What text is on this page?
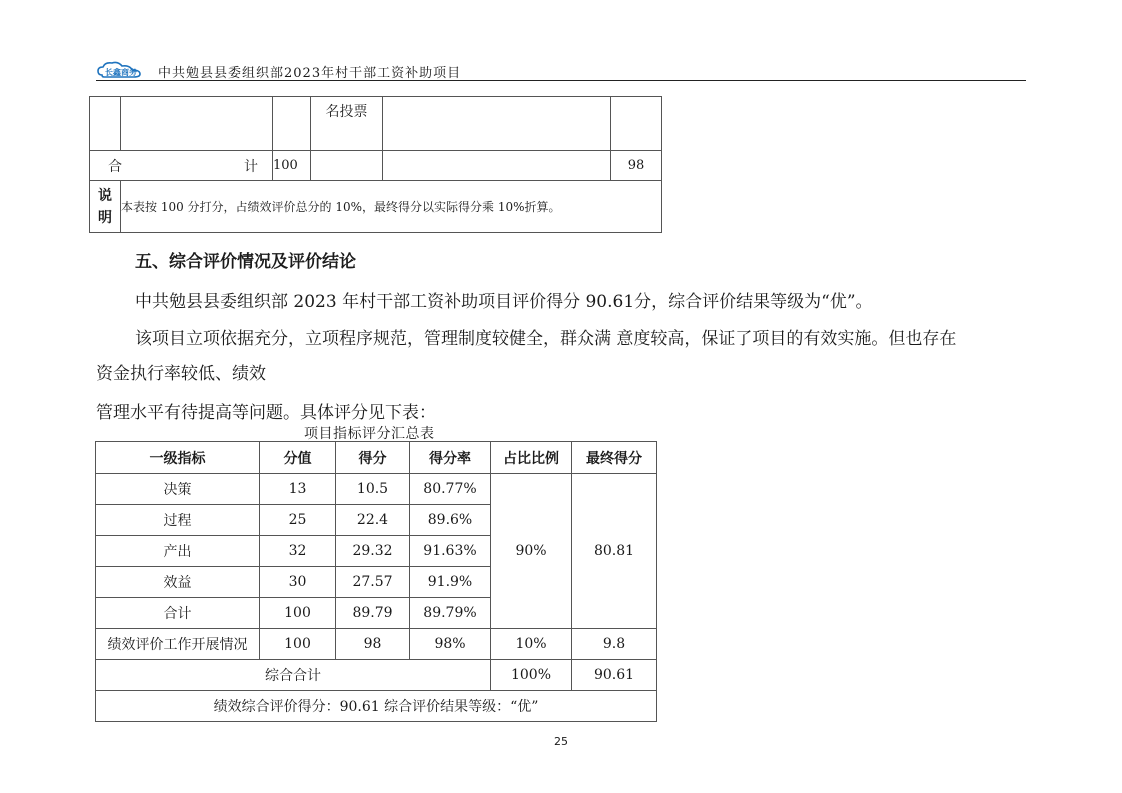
长鑫商务 中共勉县县委组织部2023年村干部工资补助项目

			名投票		

合 计		100			98
说明	本表按 100 分打分，占绩效评价总分的 10%，最终得分以实际得分乘 10%折算。				
五、综合评价情况及评价结论
中共勉县县委组织部 2023 年村干部工资补助项目评价得分 90.61分，综合评价结果等级为“优”。
该项目立项依据充分，立项程序规范，管理制度较健全，群众满 意度较高，保证了项目的有效实施。但也存在
资金执行率较低、绩效
管理水平有待提高等问题。具体评分见下表：
项目指标评分汇总表
一级指标	分值	得分	得分率	占比比例	最终得分
决策	13	10.5	80.77%	90%	80.81
过程	25	22.4	89.6%		
产出	32	29.32	91.63%		
效益	30	27.57	91.9%		
合计	100	89.79	89.79%		
绩效评价工作开展情况	100	98	98%	10%	9.8
综合合计				100%	90.61
绩效综合评价得分：90.61 综合评价结果等级：“优”					
25
